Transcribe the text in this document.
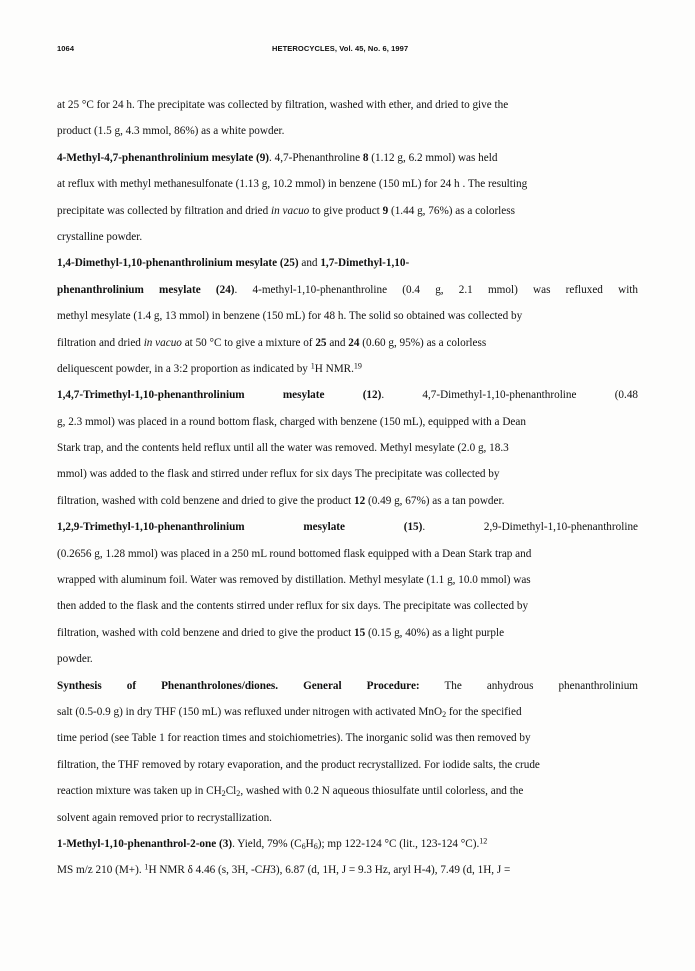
1064	HETEROCYCLES, Vol. 45, No. 6, 1997
at 25 °C for 24 h. The precipitate was collected by filtration, washed with ether, and dried to give the
product (1.5 g, 4.3 mmol, 86%) as a white powder.
4-Methyl-4,7-phenanthrolinium mesylate (9). 4,7-Phenanthroline 8 (1.12 g, 6.2 mmol) was held
at reflux with methyl methanesulfonate (1.13 g, 10.2 mmol) in benzene (150 mL) for 24 h . The resulting
precipitate was collected by filtration and dried in vacuo to give product 9 (1.44 g, 76%) as a colorless
crystalline powder.
1,4-Dimethyl-1,10-phenanthrolinium mesylate (25) and 1,7-Dimethyl-1,10-
phenanthrolinium mesylate (24). 4-methyl-1,10-phenanthroline (0.4 g, 2.1 mmol) was refluxed with
methyl mesylate (1.4 g, 13 mmol) in benzene (150 mL) for 48 h. The solid so obtained was collected by
filtration and dried in vacuo at 50 °C to give a mixture of 25 and 24 (0.60 g, 95%) as a colorless
deliquescent powder, in a 3:2 proportion as indicated by $^1$H NMR.$^{19}$
1,4,7-Trimethyl-1,10-phenanthrolinium mesylate (12). 4,7-Dimethyl-1,10-phenanthroline (0.48
g, 2.3 mmol) was placed in a round bottom flask, charged with benzene (150 mL), equipped with a Dean
Stark trap, and the contents held reflux until all the water was removed. Methyl mesylate (2.0 g, 18.3
mmol) was added to the flask and stirred under reflux for six days The precipitate was collected by
filtration, washed with cold benzene and dried to give the product 12 (0.49 g, 67%) as a tan powder.
1,2,9-Trimethyl-1,10-phenanthrolinium mesylate (15). 2,9-Dimethyl-1,10-phenanthroline
(0.2656 g, 1.28 mmol) was placed in a 250 mL round bottomed flask equipped with a Dean Stark trap and
wrapped with aluminum foil. Water was removed by distillation. Methyl mesylate (1.1 g, 10.0 mmol) was
then added to the flask and the contents stirred under reflux for six days. The precipitate was collected by
filtration, washed with cold benzene and dried to give the product 15 (0.15 g, 40%) as a light purple
powder.
Synthesis of Phenanthrolones/diones. General Procedure: The anhydrous phenanthrolinium
salt (0.5-0.9 g) in dry THF (150 mL) was refluxed under nitrogen with activated MnO$_2$ for the specified
time period (see Table 1 for reaction times and stoichiometries). The inorganic solid was then removed by
filtration, the THF removed by rotary evaporation, and the product recrystallized. For iodide salts, the crude
reaction mixture was taken up in $CH_2Cl_2$, washed with 0.2 N aqueous thiosulfate until colorless, and the
solvent again removed prior to recrystallization.
1-Methyl-1,10-phenanthrol-2-one (3). Yield, 79% $(C_6H_6)$; mp 122-124 °C (lit., 123-124 °C).$^{12}$
MS m/z 210 (M+). $^1$H NMR δ 4.46 (s, 3H, -CH3), 6.87 (d, 1H, J = 9.3 Hz, aryl H-4), 7.49 (d, 1H, J =
